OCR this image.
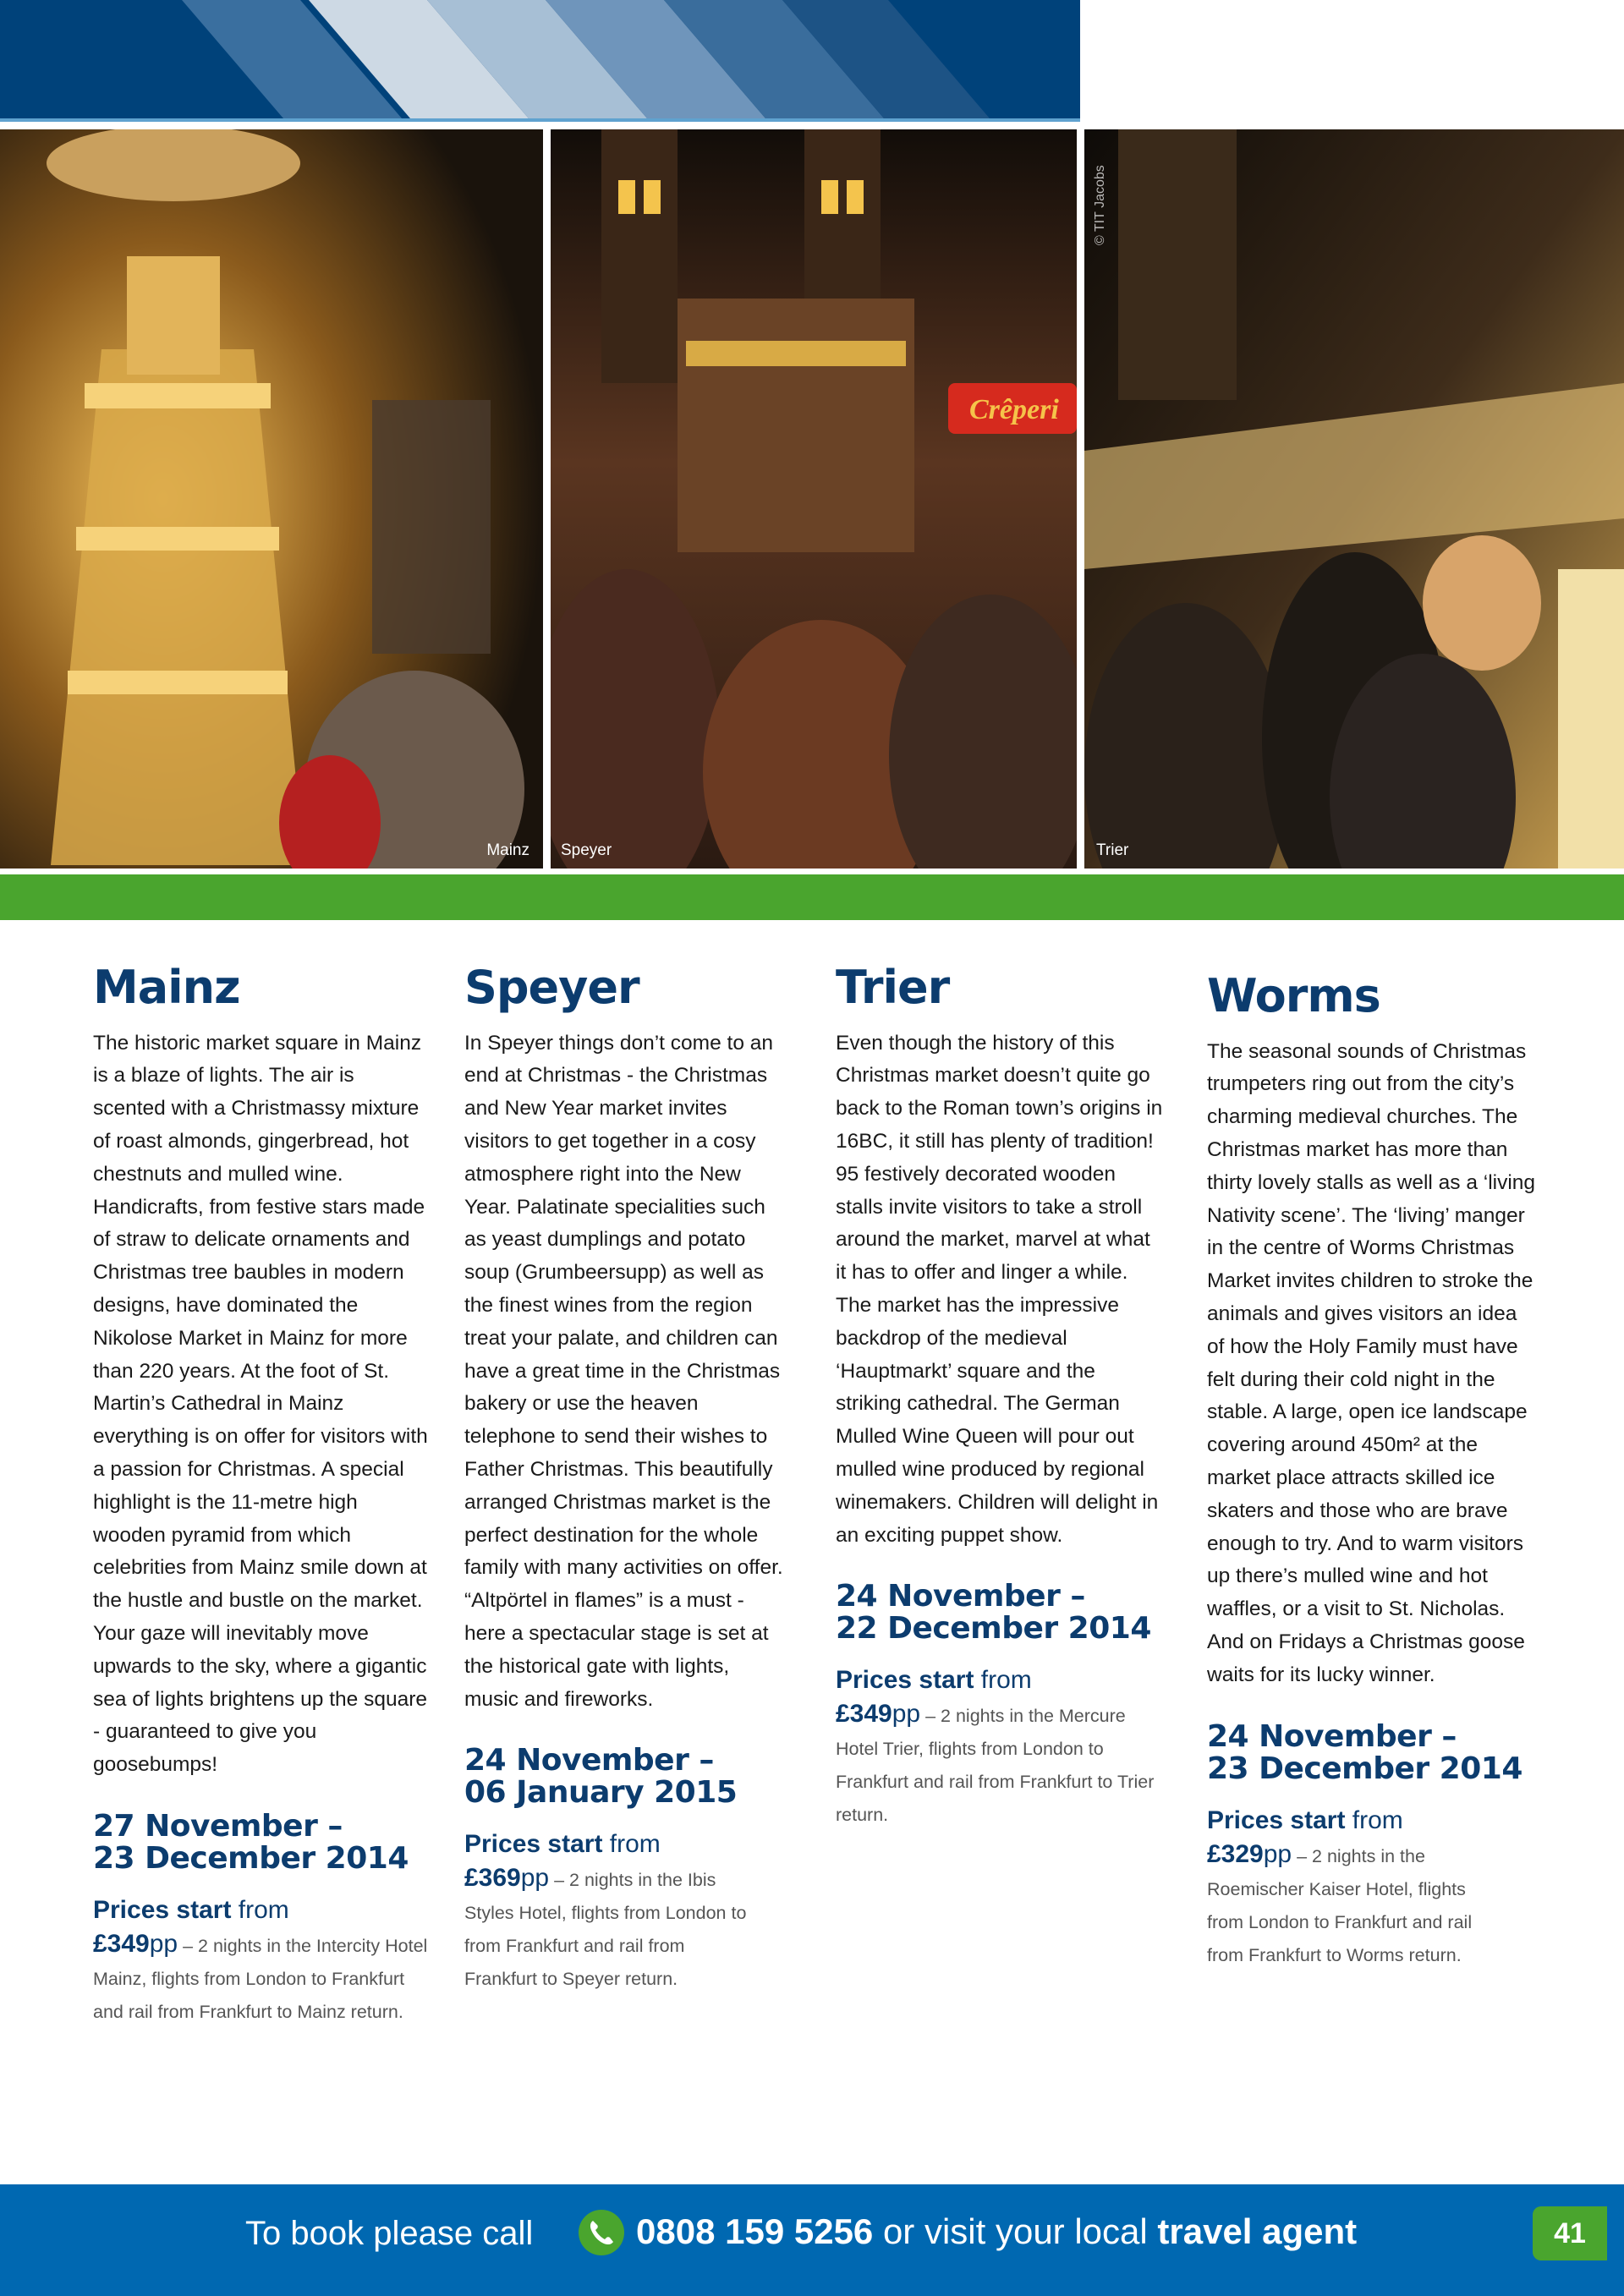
Mainz
Crêperi
Speyer	Trier
© TIT Jacobs
Mainz

The historic market square in Mainz is a blaze of lights. The air is scented with a Christmassy mixture of roast almonds, gingerbread, hot chestnuts and mulled wine. Handicrafts, from festive stars made of straw to delicate ornaments and Christmas tree baubles in modern designs, have dominated the Nikolose Market in Mainz for more than 220 years. At the foot of St. Martin’s Cathedral in Mainz everything is on offer for visitors with a passion for Christmas. A special highlight is the 11-metre high wooden pyramid from which celebrities from Mainz smile down at the hustle and bustle on the market. Your gaze will inevitably move upwards to the sky, where a gigantic sea of lights brightens up the square - guaranteed to give you goosebumps!

27 November –
23 December 2014
Prices start from
£349pp – 2 nights in the Intercity Hotel Mainz, flights from London to Frankfurt and rail from Frankfurt to Mainz return.
Speyer

In Speyer things don’t come to an end at Christmas - the Christmas and New Year market invites visitors to get together in a cosy atmosphere right into the New Year. Palatinate specialities such as yeast dumplings and potato soup (Grumbeersupp) as well as the finest wines from the region treat your palate, and children can have a great time in the Christmas bakery or use the heaven telephone to send their wishes to Father Christmas. This beautifully arranged Christmas market is the perfect destination for the whole family with many activities on offer. “Altpörtel in flames” is a must - here a spectacular stage is set at the historical gate with lights, music and fireworks.

24 November –
06 January 2015
Prices start from
£369pp – 2 nights in the Ibis Styles Hotel, flights from London to from Frankfurt and rail from Frankfurt to Speyer return.
Trier

Even though the history of this Christmas market doesn’t quite go back to the Roman town’s origins in 16BC, it still has plenty of tradition! 95 festively decorated wooden stalls invite visitors to take a stroll around the market, marvel at what it has to offer and linger a while. The market has the impressive backdrop of the medieval ‘Hauptmarkt’ square and the striking cathedral. The German Mulled Wine Queen will pour out mulled wine produced by regional winemakers. Children will delight in an exciting puppet show.

24 November –
22 December 2014
Prices start from
£349pp – 2 nights in the Mercure Hotel Trier, flights from London to Frankfurt and rail from Frankfurt to Trier return.
Worms

The seasonal sounds of Christmas trumpeters ring out from the city’s charming medieval churches. The Christmas market has more than thirty lovely stalls as well as a ‘living Nativity scene’. The ‘living’ manger in the centre of Worms Christmas Market invites children to stroke the animals and gives visitors an idea of how the Holy Family must have felt during their cold night in the stable. A large, open ice landscape covering around 450m² at the market place attracts skilled ice skaters and those who are brave enough to try. And to warm visitors up there’s mulled wine and hot waffles, or a visit to St. Nicholas. And on Fridays a Christmas goose waits for its lucky winner.

24 November –
23 December 2014
Prices start from
£329pp – 2 nights in the Roemischer Kaiser Hotel, flights from London to Frankfurt and rail from Frankfurt to Worms return.
To book please call	0808 159 5256 or visit your local travel agent	41
